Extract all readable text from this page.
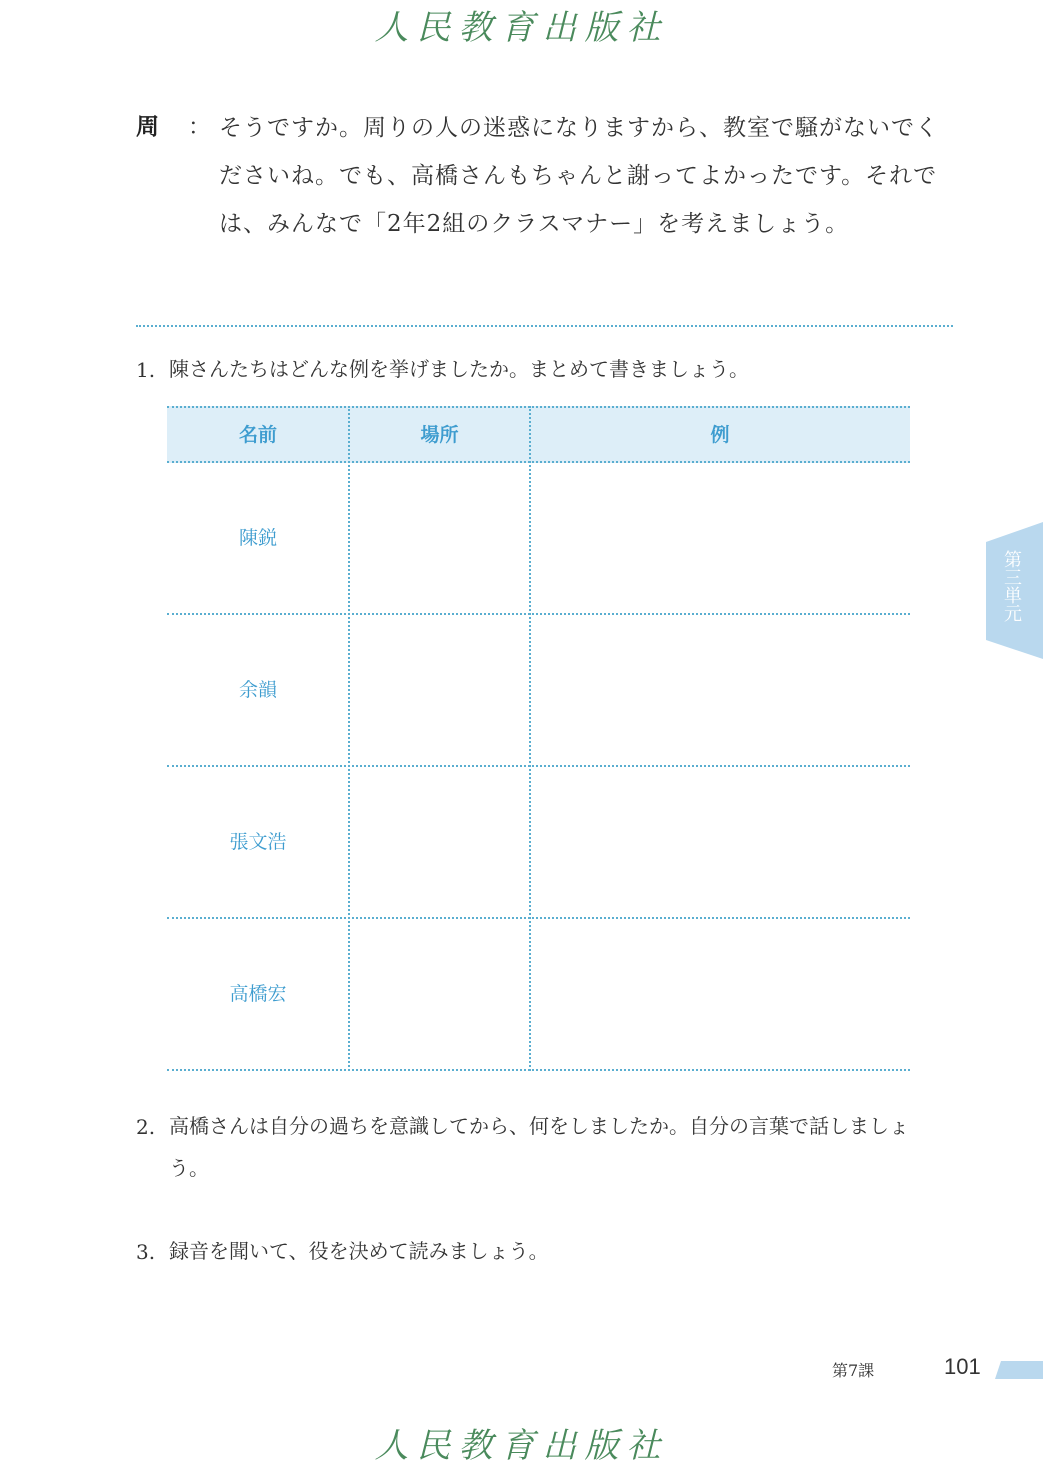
人民教育出版社
周 ： そうですか。周りの人の迷惑になりますから、教室で騒がないでくださいね。でも、高橋さんもちゃんと謝ってよかったです。それでは、みんなで「2年2組のクラスマナー」を考えましょう。

1. 陳さんたちはどんな例を挙げましたか。まとめて書きましょう。
名前	場所	例
陳鋭
余韻
張文浩
高橋宏
2. 高橋さんは自分の過ちを意識してから、何をしましたか。自分の言葉で話しましょう。
3. 録音を聞いて、役を決めて読みましょう。
第三単元
第7課	101
人民教育出版社
